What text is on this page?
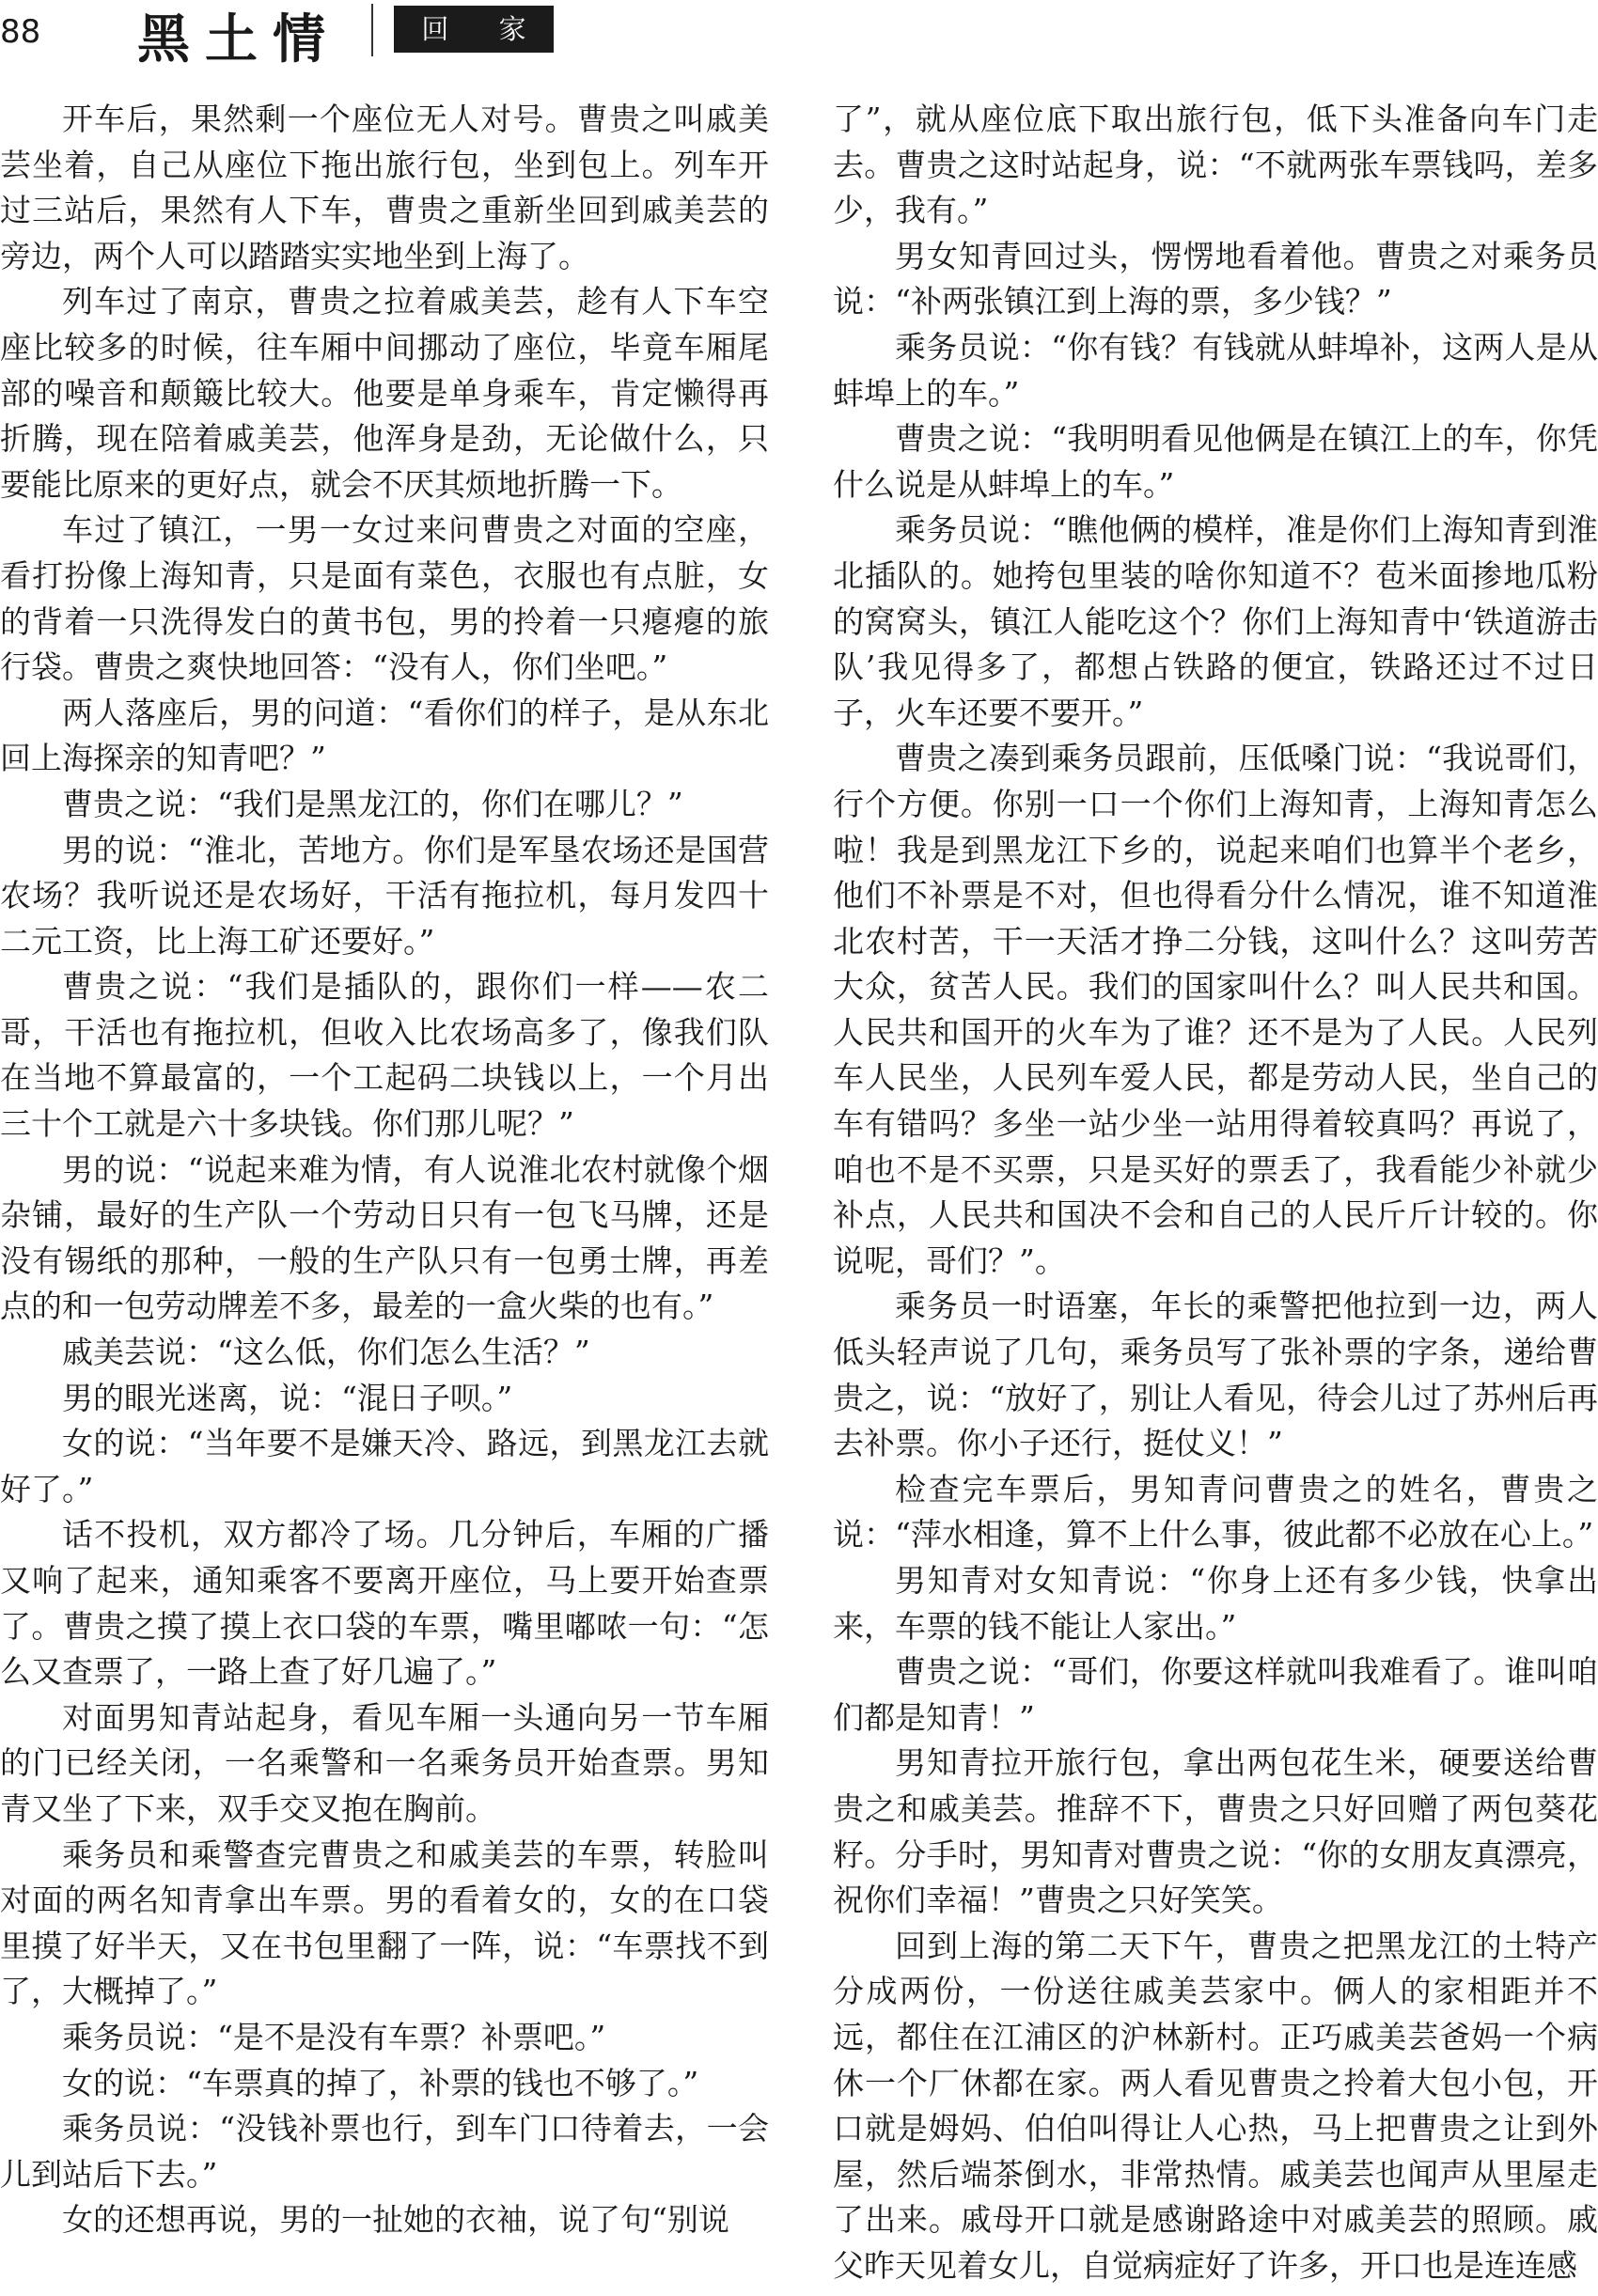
88 黑土情	回 家

开车后，果然剩一个座位无人对号。曹贵之叫戚美芸坐着，自己从座位下拖出旅行包，坐到包上。列车开过三站后，果然有人下车，曹贵之重新坐回到戚美芸的旁边，两个人可以踏踏实实地坐到上海了。

列车过了南京，曹贵之拉着戚美芸，趁有人下车空座比较多的时候，往车厢中间挪动了座位，毕竟车厢尾部的噪音和颠簸比较大。他要是单身乘车，肯定懒得再折腾，现在陪着戚美芸，他浑身是劲，无论做什么，只要能比原来的更好点，就会不厌其烦地折腾一下。

车过了镇江，一男一女过来问曹贵之对面的空座，看打扮像上海知青，只是面有菜色，衣服也有点脏，女的背着一只洗得发白的黄书包，男的拎着一只瘪瘪的旅行袋。曹贵之爽快地回答：“没有人，你们坐吧。”

两人落座后，男的问道：“看你们的样子，是从东北回上海探亲的知青吧？”

曹贵之说：“我们是黑龙江的，你们在哪儿？”

男的说：“淮北，苦地方。你们是军垦农场还是国营农场？我听说还是农场好，干活有拖拉机，每月发四十二元工资，比上海工矿还要好。”

曹贵之说：“我们是插队的，跟你们一样——农二哥，干活也有拖拉机，但收入比农场高多了，像我们队在当地不算最富的，一个工起码二块钱以上，一个月出三十个工就是六十多块钱。你们那儿呢？”

男的说：“说起来难为情，有人说淮北农村就像个烟杂铺，最好的生产队一个劳动日只有一包飞马牌，还是没有锡纸的那种，一般的生产队只有一包勇士牌，再差点的和一包劳动牌差不多，最差的一盒火柴的也有。”

戚美芸说：“这么低，你们怎么生活？”

男的眼光迷离，说：“混日子呗。”

女的说：“当年要不是嫌天冷、路远，到黑龙江去就好了。”

话不投机，双方都冷了场。几分钟后，车厢的广播又响了起来，通知乘客不要离开座位，马上要开始查票了。曹贵之摸了摸上衣口袋的车票，嘴里嘟哝一句：“怎么又查票了，一路上查了好几遍了。”

对面男知青站起身，看见车厢一头通向另一节车厢的门已经关闭，一名乘警和一名乘务员开始查票。男知青又坐了下来，双手交叉抱在胸前。

乘务员和乘警查完曹贵之和戚美芸的车票，转脸叫对面的两名知青拿出车票。男的看着女的，女的在口袋里摸了好半天，又在书包里翻了一阵，说：“车票找不到了，大概掉了。”

乘务员说：“是不是没有车票？补票吧。”

女的说：“车票真的掉了，补票的钱也不够了。”

乘务员说：“没钱补票也行，到车门口待着去，一会儿到站后下去。”

女的还想再说，男的一扯她的衣袖，说了句“别说

了”，就从座位底下取出旅行包，低下头准备向车门走去。曹贵之这时站起身，说：“不就两张车票钱吗，差多少，我有。”

男女知青回过头，愣愣地看着他。曹贵之对乘务员说：“补两张镇江到上海的票，多少钱？”

乘务员说：“你有钱？有钱就从蚌埠补，这两人是从蚌埠上的车。”

曹贵之说：“我明明看见他俩是在镇江上的车，你凭什么说是从蚌埠上的车。”

乘务员说：“瞧他俩的模样，准是你们上海知青到淮北插队的。她挎包里装的啥你知道不？苞米面掺地瓜粉的窝窝头，镇江人能吃这个？你们上海知青中‘铁道游击队’我见得多了，都想占铁路的便宜，铁路还过不过日子，火车还要不要开。”

曹贵之凑到乘务员跟前，压低嗓门说：“我说哥们，行个方便。你别一口一个你们上海知青，上海知青怎么啦！我是到黑龙江下乡的，说起来咱们也算半个老乡，他们不补票是不对，但也得看分什么情况，谁不知道淮北农村苦，干一天活才挣二分钱，这叫什么？这叫劳苦大众，贫苦人民。我们的国家叫什么？叫人民共和国。人民共和国开的火车为了谁？还不是为了人民。人民列车人民坐，人民列车爱人民，都是劳动人民，坐自己的车有错吗？多坐一站少坐一站用得着较真吗？再说了，咱也不是不买票，只是买好的票丢了，我看能少补就少补点，人民共和国决不会和自己的人民斤斤计较的。你说呢，哥们？”。

乘务员一时语塞，年长的乘警把他拉到一边，两人低头轻声说了几句，乘务员写了张补票的字条，递给曹贵之，说：“放好了，别让人看见，待会儿过了苏州后再去补票。你小子还行，挺仗义！”

检查完车票后，男知青问曹贵之的姓名，曹贵之说：“萍水相逢，算不上什么事，彼此都不必放在心上。”

男知青对女知青说：“你身上还有多少钱，快拿出来，车票的钱不能让人家出。”

曹贵之说：“哥们，你要这样就叫我难看了。谁叫咱们都是知青！”

男知青拉开旅行包，拿出两包花生米，硬要送给曹贵之和戚美芸。推辞不下，曹贵之只好回赠了两包葵花籽。分手时，男知青对曹贵之说：“你的女朋友真漂亮，祝你们幸福！”曹贵之只好笑笑。

回到上海的第二天下午，曹贵之把黑龙江的土特产分成两份，一份送往戚美芸家中。俩人的家相距并不远，都住在江浦区的沪林新村。正巧戚美芸爸妈一个病休一个厂休都在家。两人看见曹贵之拎着大包小包，开口就是姆妈、伯伯叫得让人心热，马上把曹贵之让到外屋，然后端茶倒水，非常热情。戚美芸也闻声从里屋走了出来。戚母开口就是感谢路途中对戚美芸的照顾。戚父昨天见着女儿，自觉病症好了许多，开口也是连连感
